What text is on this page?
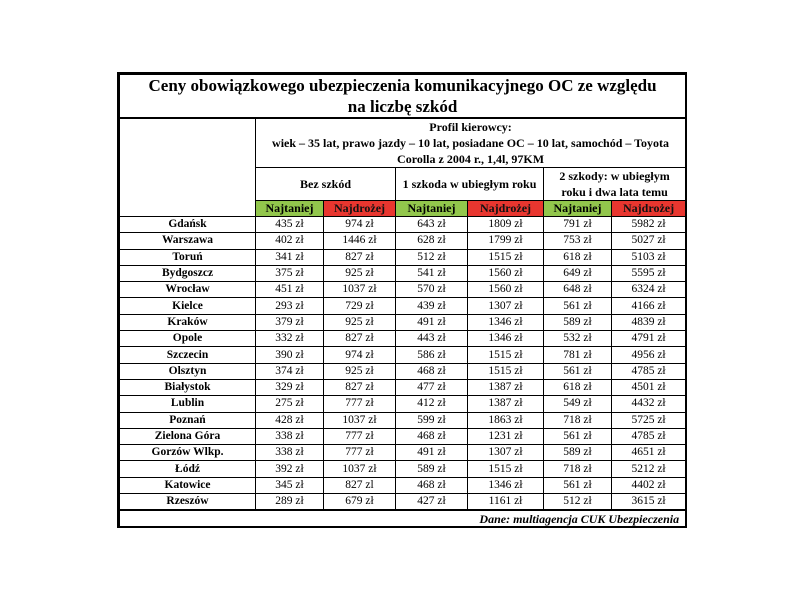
Ceny obowiązkowego ubezpieczenia komunikacyjnego OC ze względu na liczbę szkód						
	Profil kierowcy:
wiek – 35 lat, prawo jazdy – 10 lat, posiadane OC – 10 lat, samochód – Toyota Corolla z 2004 r., 1,4l, 97KM					
	Bez szkód		1 szkoda w ubiegłym roku		2 szkody: w ubiegłym roku i dwa lata temu	
	Najtaniej	Najdrożej	Najtaniej	Najdrożej	Najtaniej	Najdrożej
Gdańsk	435 zł	974 zł	643 zł	1809 zł	791 zł	5982 zł
Warszawa	402 zł	1446 zł	628 zł	1799 zł	753 zł	5027 zł
Toruń	341 zł	827 zł	512 zł	1515 zł	618 zł	5103 zł
Bydgoszcz	375 zł	925 zł	541 zł	1560 zł	649 zł	5595 zł
Wrocław	451 zł	1037 zł	570 zł	1560 zł	648 zł	6324 zł
Kielce	293 zł	729 zł	439 zł	1307 zł	561 zł	4166 zł
Kraków	379 zł	925 zł	491 zł	1346 zł	589 zł	4839 zł
Opole	332 zł	827 zł	443 zł	1346 zł	532 zł	4791 zł
Szczecin	390 zł	974 zł	586 zł	1515 zł	781 zł	4956 zł
Olsztyn	374 zł	925 zł	468 zł	1515 zł	561 zł	4785 zł
Białystok	329 zł	827 zł	477 zł	1387 zł	618 zł	4501 zł
Lublin	275 zł	777 zł	412 zł	1387 zł	549 zł	4432 zł
Poznań	428 zł	1037 zł	599 zł	1863 zł	718 zł	5725 zł
Zielona Góra	338 zł	777 zł	468 zł	1231 zł	561 zł	4785 zł
Gorzów Wlkp.	338 zł	777 zł	491 zł	1307 zł	589 zł	4651 zł
Łódź	392 zł	1037 zł	589 zł	1515 zł	718 zł	5212 zł
Katowice	345 zł	827 zl	468 zł	1346 zł	561 zł	4402 zł
Rzeszów	289 zł	679 zł	427 zł	1161 zł	512 zł	3615 zł
Dane: multiagencja CUK Ubezpieczenia						
